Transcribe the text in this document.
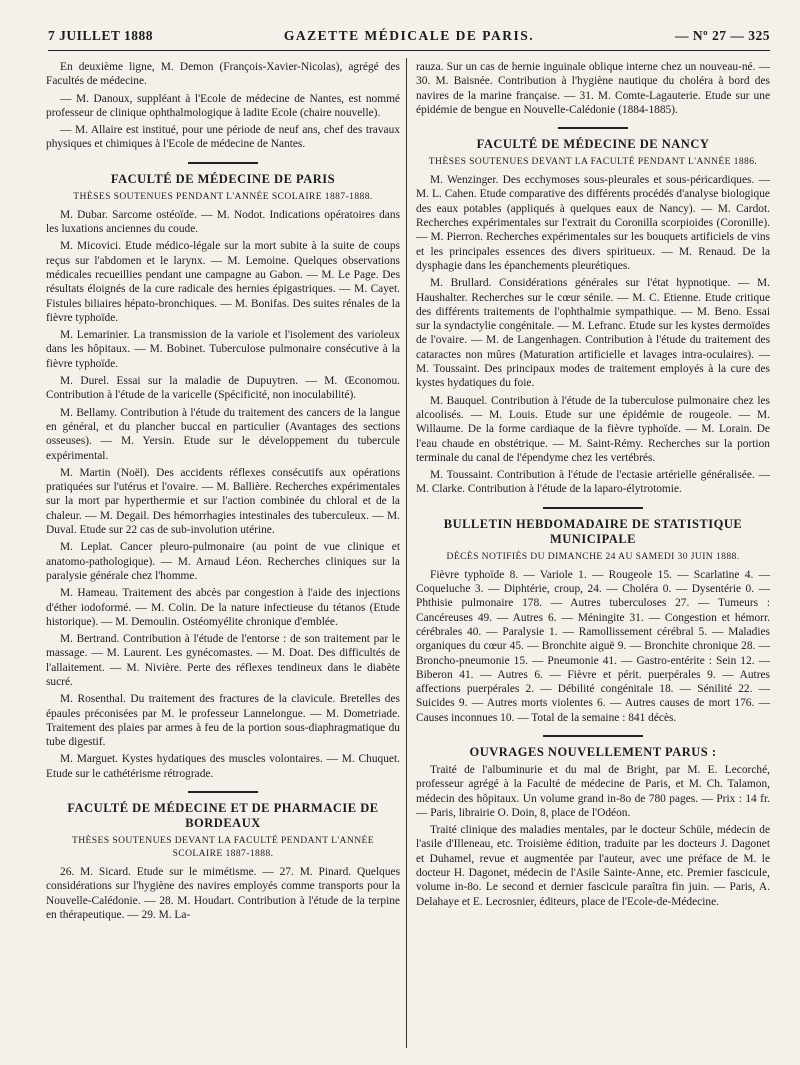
7 JUILLET 1888	GAZETTE MÉDICALE DE PARIS.	— Nº 27 — 325

En deuxième ligne, M. Demon (François-Xavier-Nicolas), agrégé des Facultés de médecine.

— M. Danoux, suppléant à l'Ecole de médecine de Nantes, est nommé professeur de clinique ophthalmologique à ladite Ecole (chaire nouvelle).

— M. Allaire est institué, pour une période de neuf ans, chef des travaux physiques et chimiques à l'Ecole de médecine de Nantes.

FACULTÉ DE MÉDECINE DE PARIS

THÈSES SOUTENUES PENDANT L'ANNÉE SCOLAIRE 1887-1888.

M. Dubar. Sarcome ostéoïde. — M. Nodot. Indications opératoires dans les luxations anciennes du coude.

M. Micovici. Etude médico-légale sur la mort subite à la suite de coups reçus sur l'abdomen et le larynx. — M. Lemoine. Quelques observations médicales recueillies pendant une campagne au Gabon. — M. Le Page. Des résultats éloignés de la cure radicale des hernies épigastriques. — M. Cayet. Fistules biliaires hépato-bronchiques. — M. Bonifas. Des suites rénales de la fièvre typhoïde.

M. Lemarinier. La transmission de la variole et l'isolement des varioleux dans les hôpitaux. — M. Bobinet. Tuberculose pulmonaire consécutive à la fièvre typhoïde.

M. Durel. Essai sur la maladie de Dupuytren. — M. Œconomou. Contribution à l'étude de la varicelle (Spécificité, non inoculabilité).

M. Bellamy. Contribution à l'étude du traitement des cancers de la langue en général, et du plancher buccal en particulier (Avantages des sections osseuses). — M. Yersin. Etude sur le développement du tubercule expérimental.

M. Martin (Noël). Des accidents réflexes consécutifs aux opérations pratiquées sur l'utérus et l'ovaire. — M. Ballière. Recherches expérimentales sur la mort par hyperthermie et sur l'action combinée du chloral et de la chaleur. — M. Degail. Des hémorrhagies intestinales des tuberculeux. — M. Duval. Etude sur 22 cas de sub-involution utérine.

M. Leplat. Cancer pleuro-pulmonaire (au point de vue clinique et anatomo-pathologique). — M. Arnaud Léon. Recherches cliniques sur la paralysie générale chez l'homme.

M. Hameau. Traitement des abcès par congestion à l'aide des injections d'éther iodoformé. — M. Colin. De la nature infectieuse du tétanos (Etude historique). — M. Demoulin. Ostéomyélite chronique d'emblée.

M. Bertrand. Contribution à l'étude de l'entorse : de son traitement par le massage. — M. Laurent. Les gynécomastes. — M. Doat. Des difficultés de l'allaitement. — M. Nivière. Perte des réflexes tendineux dans le diabète sucré.

M. Rosenthal. Du traitement des fractures de la clavicule. Bretelles des épaules préconisées par M. le professeur Lannelongue. — M. Dometriade. Traitement des plaies par armes à feu de la portion sous-diaphragmatique du tube digestif.

M. Marguet. Kystes hydatiques des muscles volontaires. — M. Chuquet. Etude sur le cathétérisme rétrograde.

FACULTÉ DE MÉDECINE ET DE PHARMACIE DE BORDEAUX

THÈSES SOUTENUES DEVANT LA FACULTÉ PENDANT L'ANNÉE SCOLAIRE 1887-1888.

26. M. Sicard. Etude sur le mimétisme. — 27. M. Pinard. Quelques considérations sur l'hygiène des navires employés comme transports pour la Nouvelle-Calédonie. — 28. M. Houdart. Contribution à l'étude de la terpine en thérapeutique. — 29. M. La-

rauza. Sur un cas de hernie inguinale oblique interne chez un nouveau-né. — 30. M. Baisnée. Contribution à l'hygiène nautique du choléra à bord des navires de la marine française. — 31. M. Comte-Lagauterie. Etude sur une épidémie de bengue en Nouvelle-Calédonie (1884-1885).

FACULTÉ DE MÉDECINE DE NANCY

THÈSES SOUTENUES DEVANT LA FACULTÉ PENDANT L'ANNÉE 1886.

M. Wenzinger. Des ecchymoses sous-pleurales et sous-péricardiques. — M. L. Cahen. Etude comparative des différents procédés d'analyse biologique des eaux potables (appliqués à quelques eaux de Nancy). — M. Cardot. Recherches expérimentales sur l'extrait du Coronilla scorpioides (Coronille). — M. Pierron. Recherches expérimentales sur les bouquets artificiels de vins et les principales essences des divers spiritueux. — M. Renaud. De la dysphagie dans les épanchements pleurétiques.

M. Brullard. Considérations générales sur l'état hypnotique. — M. Haushalter. Recherches sur le cœur sénile. — M. C. Etienne. Etude critique des différents traitements de l'ophthalmie sympathique. — M. Beno. Essai sur la syndactylie congénitale. — M. Lefranc. Etude sur les kystes dermoïdes de l'ovaire. — M. de Langenhagen. Contribution à l'étude du traitement des cataractes non mûres (Maturation artificielle et lavages intra-oculaires). — M. Toussaint. Des principaux modes de traitement employés à la cure des kystes hydatiques du foie.

M. Bauquel. Contribution à l'étude de la tuberculose pulmonaire chez les alcoolisés. — M. Louis. Etude sur une épidémie de rougeole. — M. Willaume. De la forme cardiaque de la fièvre typhoïde. — M. Lorain. De l'eau chaude en obstétrique. — M. Saint-Rémy. Recherches sur la portion terminale du canal de l'épendyme chez les vertébrés.

M. Toussaint. Contribution à l'étude de l'ectasie artérielle généralisée. — M. Clarke. Contribution à l'étude de la laparo-élytrotomie.

BULLETIN HEBDOMADAIRE DE STATISTIQUE MUNICIPALE

DÉCÈS NOTIFIÉS DU DIMANCHE 24 AU SAMEDI 30 JUIN 1888.

Fièvre typhoïde 8. — Variole 1. — Rougeole 15. — Scarlatine 4. — Coqueluche 3. — Diphtérie, croup, 24. — Choléra 0. — Dysentérie 0. — Phthisie pulmonaire 178. — Autres tuberculoses 27. — Tumeurs : Cancéreuses 49. — Autres 6. — Méningite 31. — Congestion et hémorr. cérébrales 40. — Paralysie 1. — Ramollissement cérébral 5. — Maladies organiques du cœur 45. — Bronchite aiguë 9. — Bronchite chronique 28. — Broncho-pneumonie 15. — Pneumonie 41. — Gastro-entérite : Sein 12. — Biberon 41. — Autres 6. — Fièvre et périt. puerpérales 9. — Autres affections puerpérales 2. — Débilité congénitale 18. — Sénilité 22. — Suicides 9. — Autres morts violentes 6. — Autres causes de mort 176. — Causes inconnues 10. — Total de la semaine : 841 décès.

OUVRAGES NOUVELLEMENT PARUS :

Traité de l'albuminurie et du mal de Bright, par M. E. Lecorché, professeur agrégé à la Faculté de médecine de Paris, et M. Ch. Talamon, médecin des hôpitaux. Un volume grand in-8o de 780 pages. — Prix : 14 fr. — Paris, librairie O. Doin, 8, place de l'Odéon.

Traité clinique des maladies mentales, par le docteur Schüle, médecin de l'asile d'Illeneau, etc. Troisième édition, traduite par les docteurs J. Dagonet et Duhamel, revue et augmentée par l'auteur, avec une préface de M. le docteur H. Dagonet, médecin de l'Asile Sainte-Anne, etc. Premier fascicule, volume in-8o. Le second et dernier fascicule paraîtra fin juin. — Paris, A. Delahaye et E. Lecrosnier, éditeurs, place de l'Ecole-de-Médecine.
